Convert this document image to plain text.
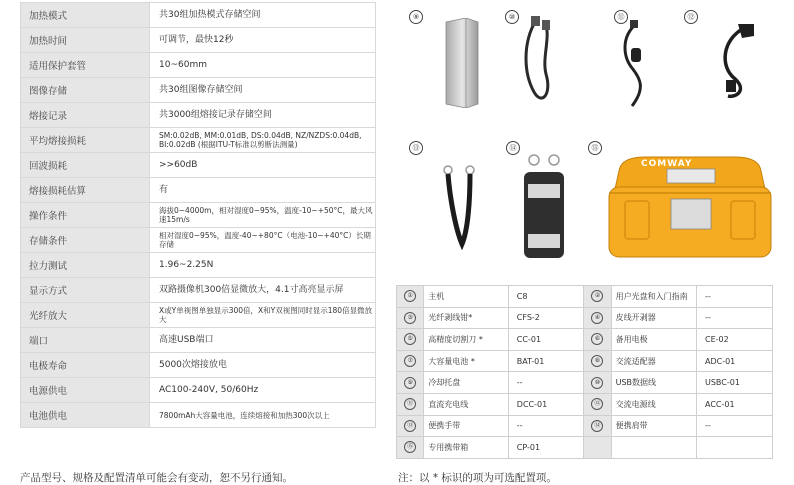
加热模式	共30组加热模式存储空间
加热时间	可调节，最快12秒
适用保护套管	10~60mm
图像存储	共30组图像存储空间
熔接记录	共3000组熔接记录存储空间
平均熔接损耗	SM:0.02dB, MM:0.01dB, DS:0.04dB, NZ/NZDS:0.04dB, BI:0.02dB (根据ITU-T标准以剪断法测量)
回波损耗	>>60dB
熔接损耗估算	有
操作条件	海拔0~4000m，相对湿度0~95%，温度-10~+50°C，最大风速15m/s
存储条件	相对湿度0~95%，温度-40~+80°C（电池-10~+40°C）长期存储
拉力测试	1.96~2.25N
显示方式	双路摄像机300倍显微放大，4.1寸高亮显示屏
光纤放大	X或Y单视图单独显示300倍，X和Y双视图同时显示180倍显微放大
端口	高速USB端口
电极寿命	5000次熔接放电
电源供电	AC100-240V, 50/60Hz
电池供电	7800mAh大容量电池，连续熔接和加热300次以上
产品型号、规格及配置清单可能会有变动，恕不另行通知。
⑨	⑩	⑪	⑫
⑬	⑭	⑮
COMWAY
①	主机	C8	②	用户光盘和入门指南	--
③	光纤剥线钳*	CFS-2	④	皮线开剥器	--
⑤	高精度切割刀 *	CC-01	⑥	备用电极	CE-02
⑦	大容量电池 *	BAT-01	⑧	交流适配器	ADC-01
⑨	冷却托盘	--	⑩	USB数据线	USBC-01
⑪	直流充电线	DCC-01	⑫	交流电源线	ACC-01
⑬	便携手带	--	⑭	便携肩带	--
⑮	专用携带箱	CP-01			
注：以 * 标识的项为可选配置项。
